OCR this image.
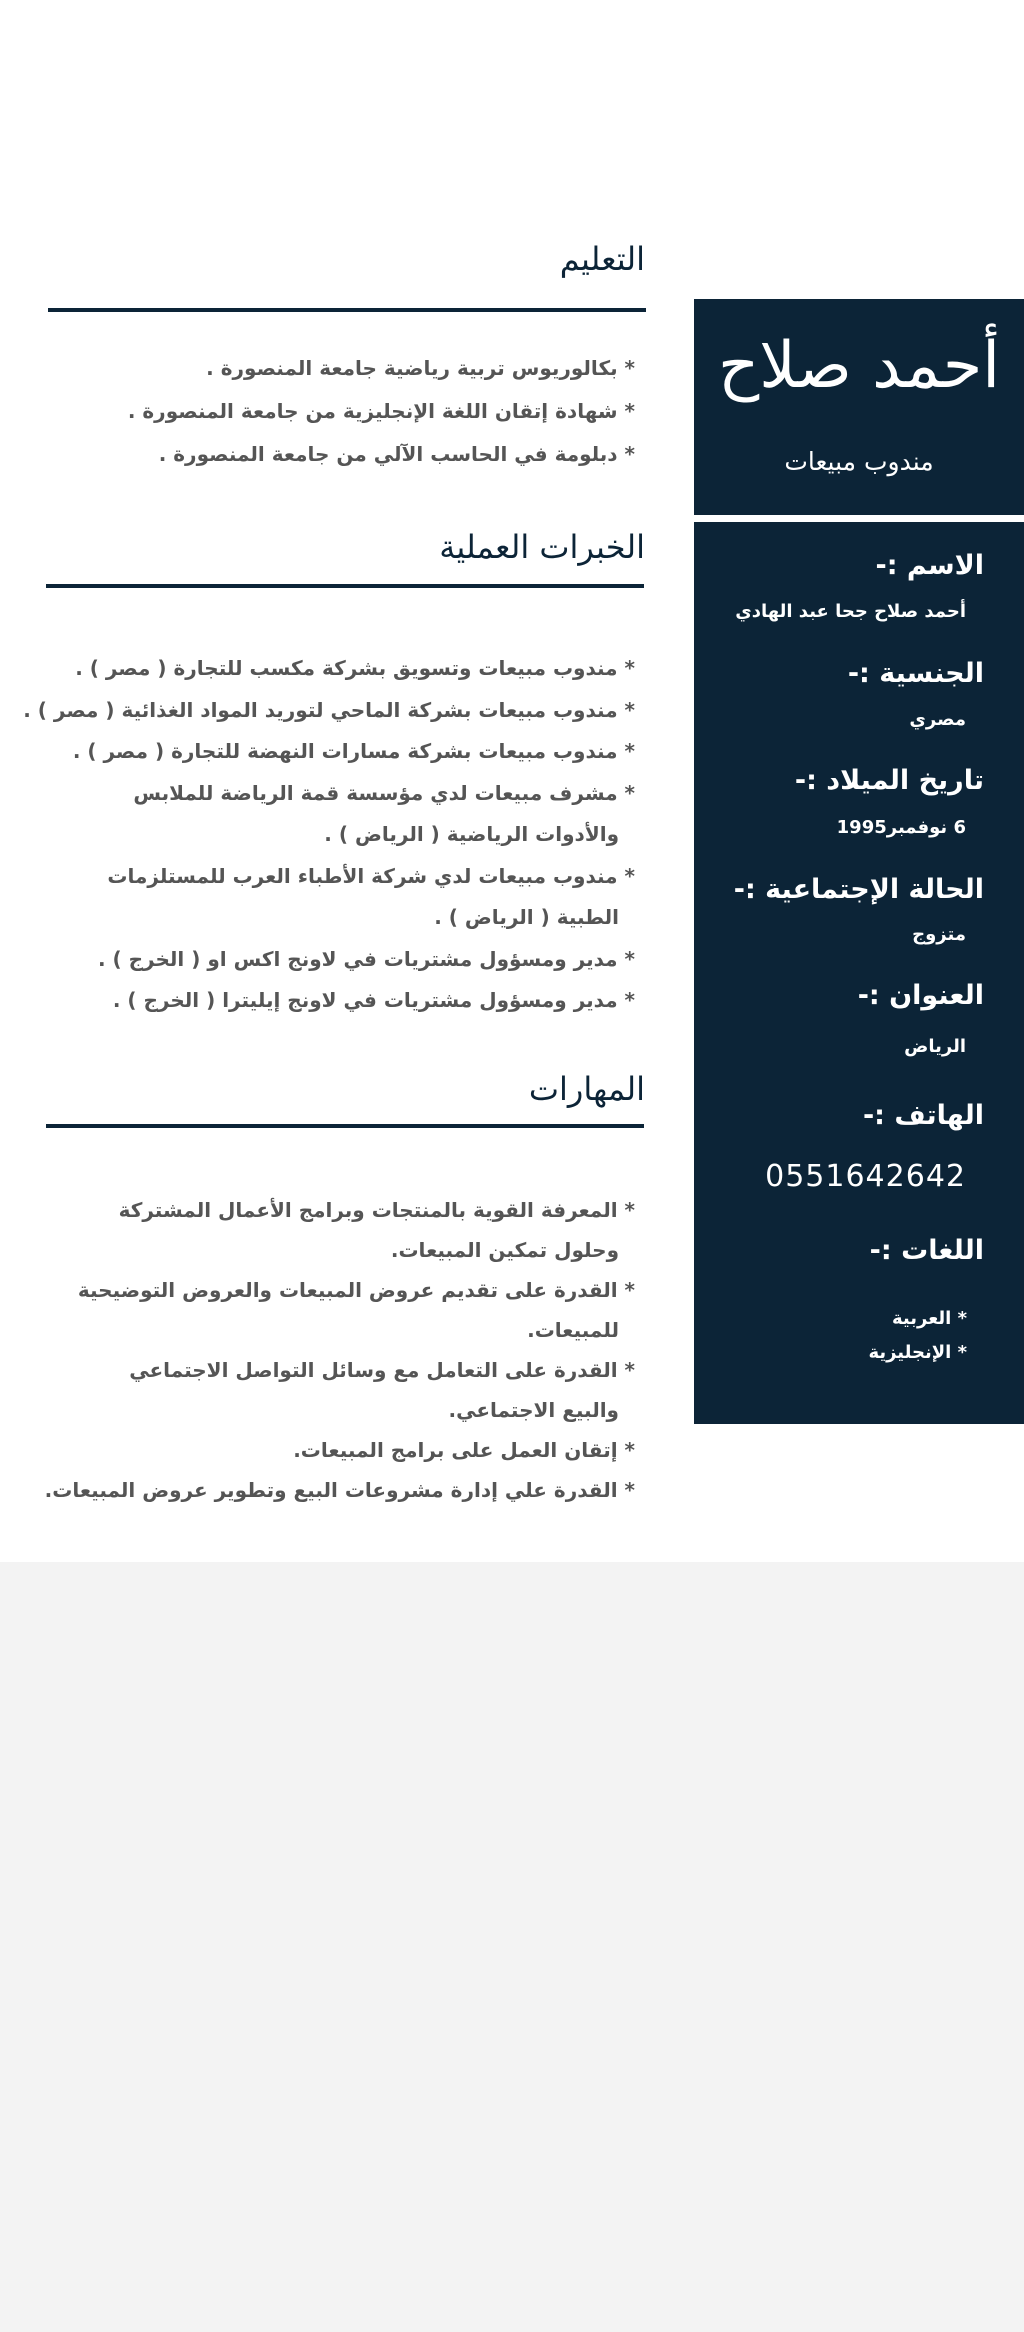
أحمد صلاح
مندوب مبيعات
الاسم :-
أحمد صلاح جحا عبد الهادي
الجنسية :-
مصري
تاريخ الميلاد :-
6 نوفمبر1995
الحالة الإجتماعية :-
متزوج
العنوان :-
الرياض
الهاتف :-
0551642642
اللغات :-
* العربية
* الإنجليزية
التعليم
* بكالوريوس تربية رياضية جامعة المنصورة .
* شهادة إتقان اللغة الإنجليزية من جامعة المنصورة .
* دبلومة في الحاسب الآلي من جامعة المنصورة .
الخبرات العملية
* مندوب مبيعات وتسويق بشركة مكسب للتجارة ( مصر ) .
* مندوب مبيعات بشركة الماحي لتوريد المواد الغذائية ( مصر ) .
* مندوب مبيعات بشركة مسارات النهضة للتجارة ( مصر ) .
* مشرف مبيعات لدي مؤسسة قمة الرياضة للملابس
والأدوات الرياضية ( الرياض ) .
* مندوب مبيعات لدي شركة الأطباء العرب للمستلزمات
الطبية ( الرياض ) .
* مدير ومسؤول مشتريات في لاونج اكس او ( الخرج ) .
* مدير ومسؤول مشتريات في لاونج إيليترا ( الخرج ) .
المهارات
* المعرفة القوية بالمنتجات وبرامج الأعمال المشتركة
وحلول تمكين المبيعات.
* القدرة على تقديم عروض المبيعات والعروض التوضيحية
للمبيعات.
* القدرة على التعامل مع وسائل التواصل الاجتماعي
والبيع الاجتماعي.
* إتقان العمل على برامج المبيعات.
* القدرة علي إدارة مشروعات البيع وتطوير عروض المبيعات.
